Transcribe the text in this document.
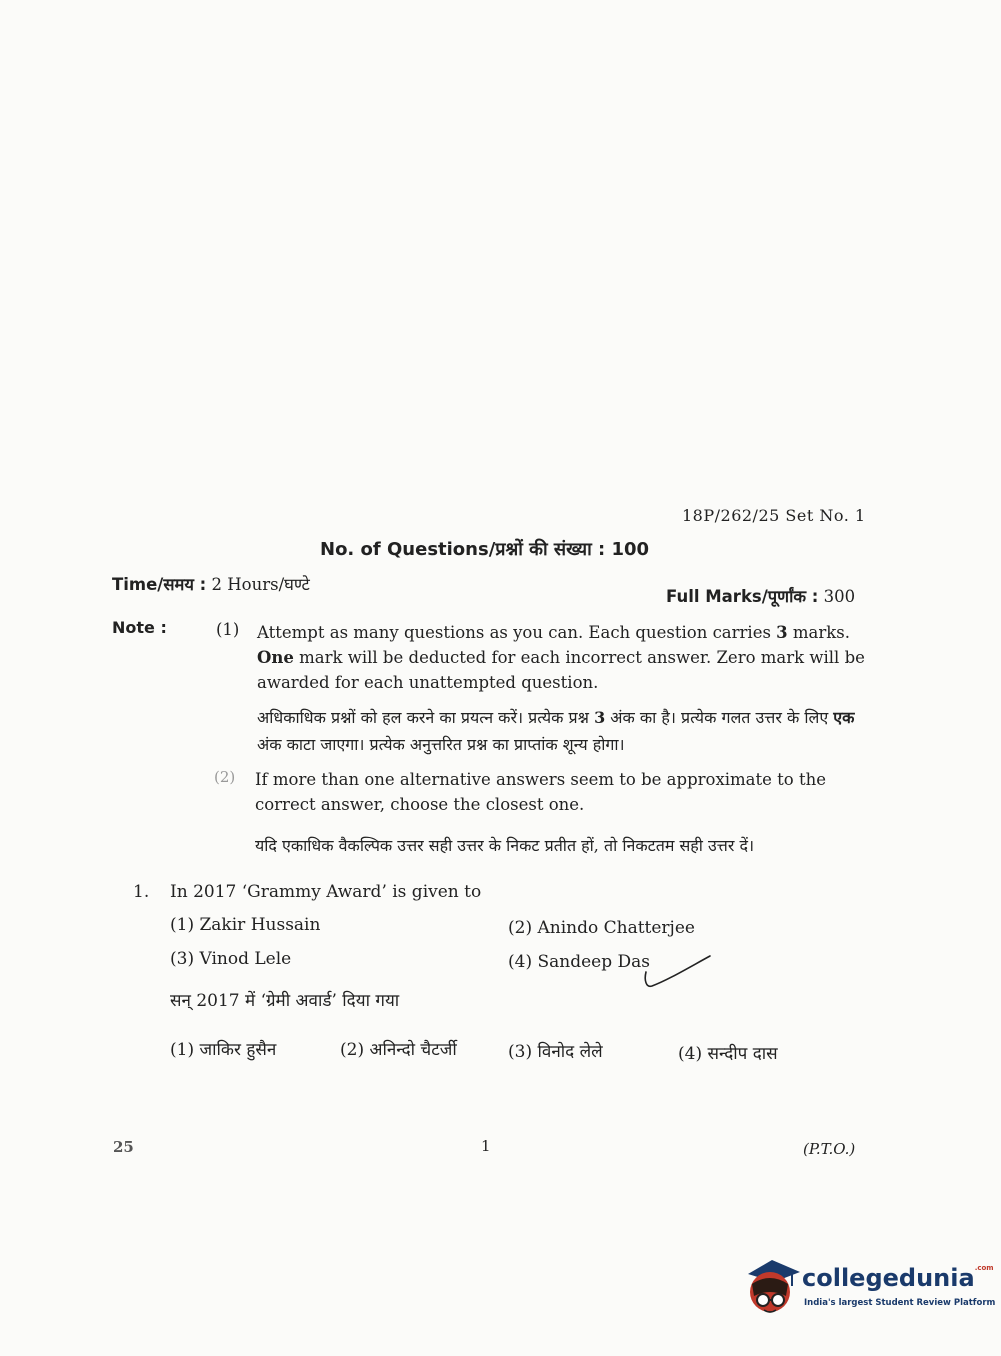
18P/262/25 Set No. 1
No. of Questions/प्रश्नों की संख्या : 100
Time/समय : 2 Hours/घण्टे
Full Marks/पूर्णांक : 300
Note :	(1) Attempt as many questions as you can. Each question carries 3 marks. One mark will be deducted for each incorrect answer. Zero mark will be awarded for each unattempted question.
अधिकाधिक प्रश्नों को हल करने का प्रयत्न करें। प्रत्येक प्रश्न 3 अंक का है। प्रत्येक गलत उत्तर के लिए एक अंक काटा जाएगा। प्रत्येक अनुत्तरित प्रश्न का प्राप्तांक शून्य होगा।
(2) If more than one alternative answers seem to be approximate to the correct answer, choose the closest one.
यदि एकाधिक वैकल्पिक उत्तर सही उत्तर के निकट प्रतीत हों, तो निकटतम सही उत्तर दें।
1. In 2017 ‘Grammy Award’ is given to
(1) Zakir Hussain	(2) Anindo Chatterjee
(3) Vinod Lele	(4) Sandeep Das
सन् 2017 में ‘ग्रेमी अवार्ड’ दिया गया
(1) जाकिर हुसैन	(2) अनिन्दो चैटर्जी	(3) विनोद लेले	(4) सन्दीप दास
25	1	(P.T.O.)
collegedunia$^{.com}$
India's largest Student Review Platform
